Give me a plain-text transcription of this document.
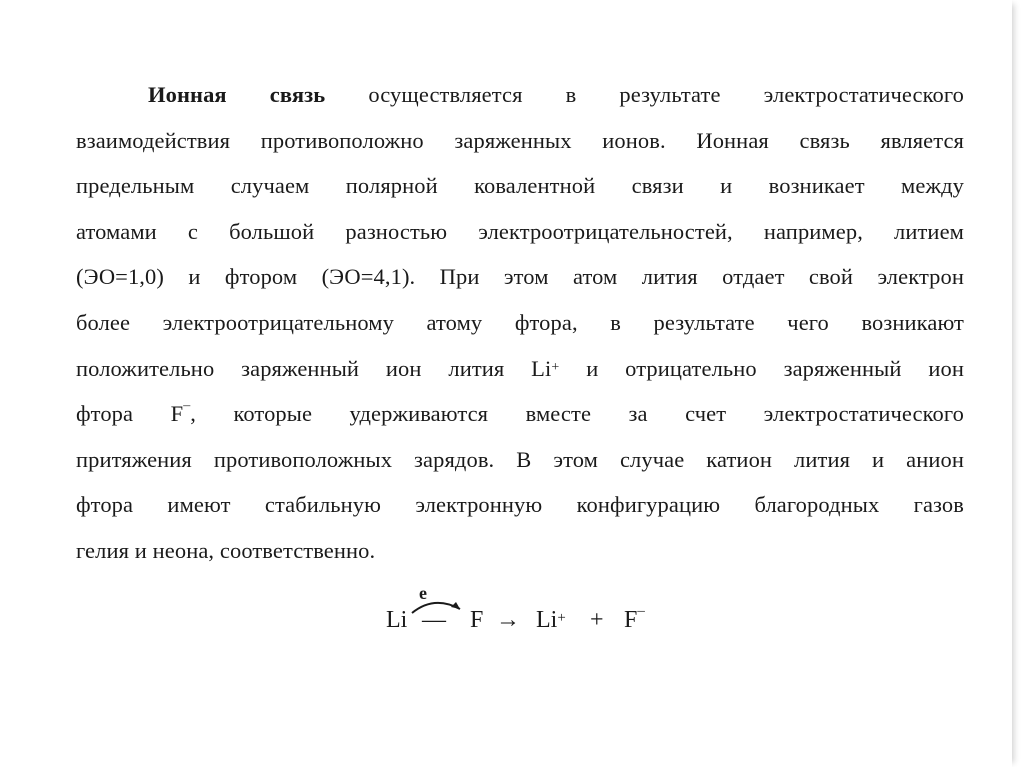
Ионная связь осуществляется в результате электростатического
взаимодействия противоположно заряженных ионов. Ионная связь является
предельным случаем полярной ковалентной связи и возникает между
атомами с большой разностью электроотрицательностей, например, литием
(ЭО=1,0) и фтором (ЭО=4,1). При этом атом лития отдает свой электрон
более электроотрицательному атому фтора, в результате чего возникают
положительно заряженный ион лития Li+ и отрицательно заряженный ион
фтора F¯, которые удерживаются вместе за счет электростатического
притяжения противоположных зарядов. В этом случае катион лития и анион
фтора имеют стабильную электронную конфигурацию благородных газов
гелия и неона, соответственно.
e
Li — F → Li+ + F¯
